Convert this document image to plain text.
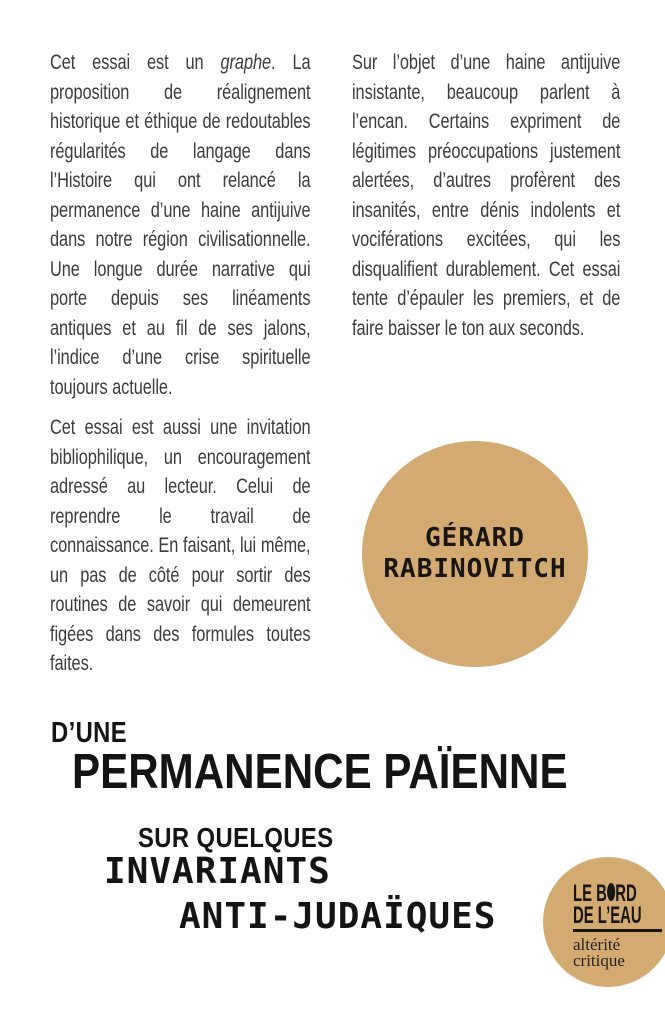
Cet essai est un graphe. La proposition de réalignement historique et éthique de redoutables régularités de langage dans l’Histoire qui ont relancé la permanence d’une haine antijuive dans notre région civilisationnelle. Une longue durée narrative qui porte depuis ses linéaments antiques et au fil de ses jalons, l’indice d’une crise spirituelle toujours actuelle.

Cet essai est aussi une invitation bibliophilique, un encouragement adressé au lecteur. Celui de reprendre le travail de connaissance. En faisant, lui même, un pas de côté pour sortir des routines de savoir qui demeurent figées dans des formules toutes faites.

Sur l’objet d’une haine antijuive insistante, beaucoup parlent à l’encan. Certains expriment de légitimes préoccupations justement alertées, d’autres profèrent des insanités, entre dénis indolents et vociférations excitées, qui les disqualifient durablement. Cet essai tente d’épauler les premiers, et de faire baisser le ton aux seconds.

GÉRARD
RABINOVITCH
D’UNE
PERMANENCE PAÏENNE
SUR QUELQUES
INVARIANTS
ANTI-JUDAÏQUES
LE B RD
DE L’EAU
altérité
critique
